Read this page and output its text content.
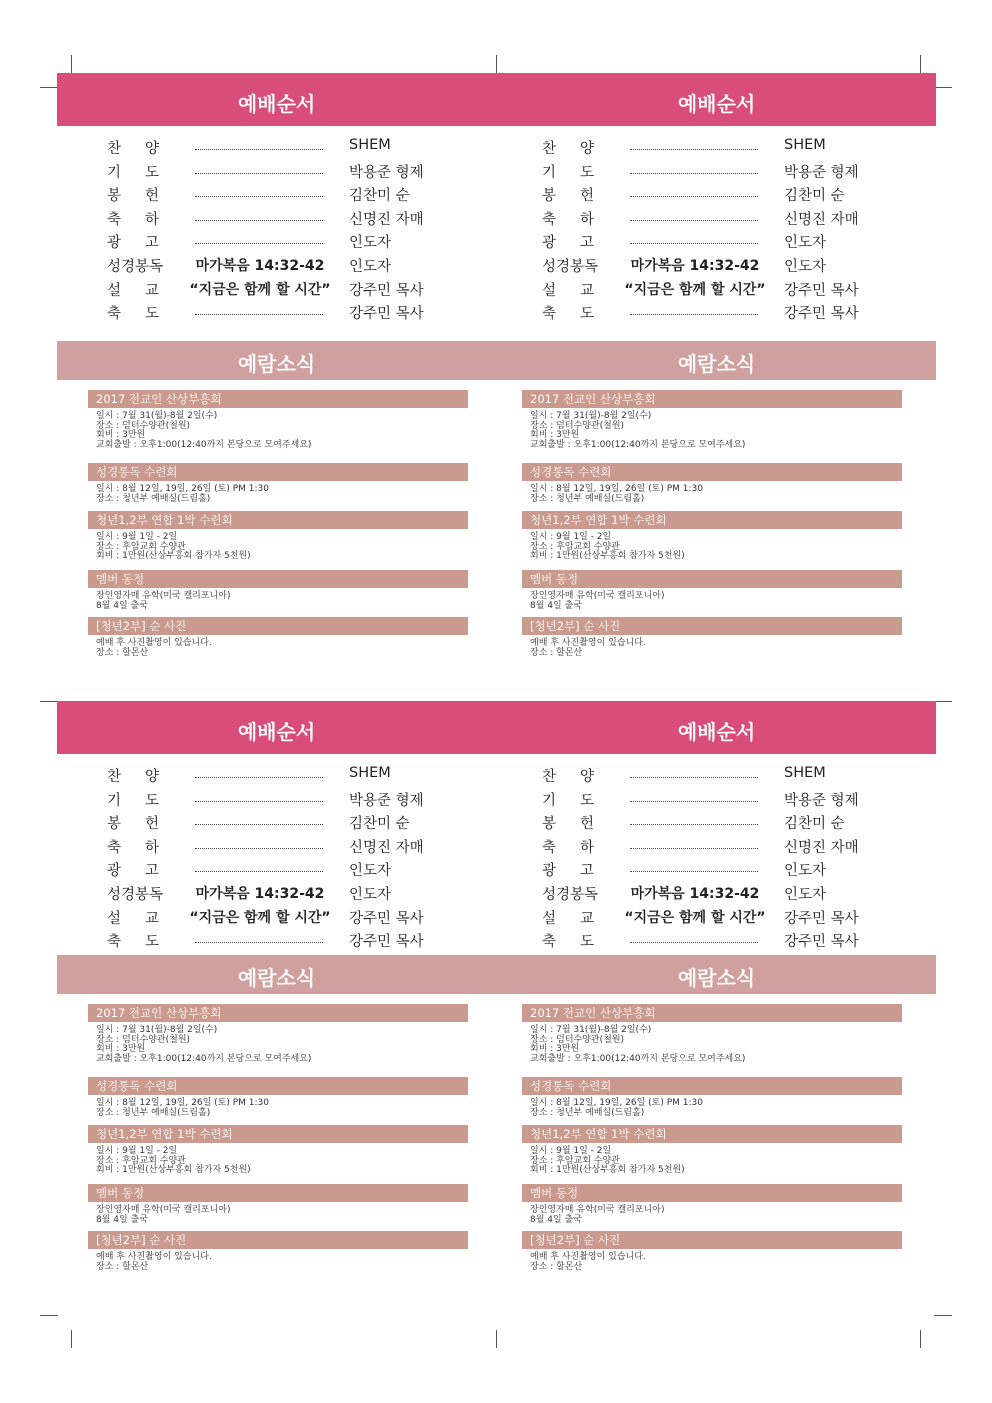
예배순서	예배순서
찬 양	SHEM
기 도	박용준 형제
봉 헌	김찬미 순
축 하	신명진 자매
광 고	인도자
성경봉독	마가복음 14:32-42	인도자
설 교	“지금은 함께 할 시간”	강주민 목사
축 도	강주민 목사
찬 양	SHEM
기 도	박용준 형제
봉 헌	김찬미 순
축 하	신명진 자매
광 고	인도자
성경봉독	마가복음 14:32-42	인도자
설 교	“지금은 함께 할 시간”	강주민 목사
축 도	강주민 목사
예람소식	예람소식
2017 전교인 산상부흥회
일시 : 7월 31(월)-8월 2일(수)
장소 : 덤터수양관(철원)
회비 : 3만원
교회출발 : 오후1:00(12:40까지 본당으로 모여주세요)
성경통독 수련회
일시 : 8월 12일, 19일, 26일 (토) PM 1:30
장소 : 청년부 예배실(드림홀)
청년1,2부 연합 1박 수련회
일시 : 9월 1일 - 2일
장소 : 후암교회 수양관
회비 : 1만원(산상부흥회 참가자 5천원)
멤버 동정
장인영자매 유학(미국 캘리포니아)
8월 4일 출국
[청년2부] 순 사진
예배 후 사진촬영이 있습니다.
장소 : 할몬산
2017 전교인 산상부흥회
일시 : 7월 31(월)-8월 2일(수)
장소 : 덤터수양관(철원)
회비 : 3만원
교회출발 : 오후1:00(12:40까지 본당으로 모여주세요)
성경통독 수련회
일시 : 8월 12일, 19일, 26일 (토) PM 1:30
장소 : 청년부 예배실(드림홀)
청년1,2부 연합 1박 수련회
일시 : 9월 1일 - 2일
장소 : 후암교회 수양관
회비 : 1만원(산상부흥회 참가자 5천원)
멤버 동정
장인영자매 유학(미국 캘리포니아)
8월 4일 출국
[청년2부] 순 사진
예배 후 사진촬영이 있습니다.
장소 : 할몬산
예배순서	예배순서
찬 양	SHEM
기 도	박용준 형제
봉 헌	김찬미 순
축 하	신명진 자매
광 고	인도자
성경봉독	마가복음 14:32-42	인도자
설 교	“지금은 함께 할 시간”	강주민 목사
축 도	강주민 목사
찬 양	SHEM
기 도	박용준 형제
봉 헌	김찬미 순
축 하	신명진 자매
광 고	인도자
성경봉독	마가복음 14:32-42	인도자
설 교	“지금은 함께 할 시간”	강주민 목사
축 도	강주민 목사
예람소식	예람소식
2017 전교인 산상부흥회
일시 : 7월 31(월)-8월 2일(수)
장소 : 덤터수양관(철원)
회비 : 3만원
교회출발 : 오후1:00(12:40까지 본당으로 모여주세요)
성경통독 수련회
일시 : 8월 12일, 19일, 26일 (토) PM 1:30
장소 : 청년부 예배실(드림홀)
청년1,2부 연합 1박 수련회
일시 : 9월 1일 - 2일
장소 : 후암교회 수양관
회비 : 1만원(산상부흥회 참가자 5천원)
멤버 동정
장인영자매 유학(미국 캘리포니아)
8월 4일 출국
[청년2부] 순 사진
예배 후 사진촬영이 있습니다.
장소 : 할몬산
2017 전교인 산상부흥회
일시 : 7월 31(월)-8월 2일(수)
장소 : 덤터수양관(철원)
회비 : 3만원
교회출발 : 오후1:00(12:40까지 본당으로 모여주세요)
성경통독 수련회
일시 : 8월 12일, 19일, 26일 (토) PM 1:30
장소 : 청년부 예배실(드림홀)
청년1,2부 연합 1박 수련회
일시 : 9월 1일 - 2일
장소 : 후암교회 수양관
회비 : 1만원(산상부흥회 참가자 5천원)
멤버 동정
장인영자매 유학(미국 캘리포니아)
8월 4일 출국
[청년2부] 순 사진
예배 후 사진촬영이 있습니다.
장소 : 할몬산
